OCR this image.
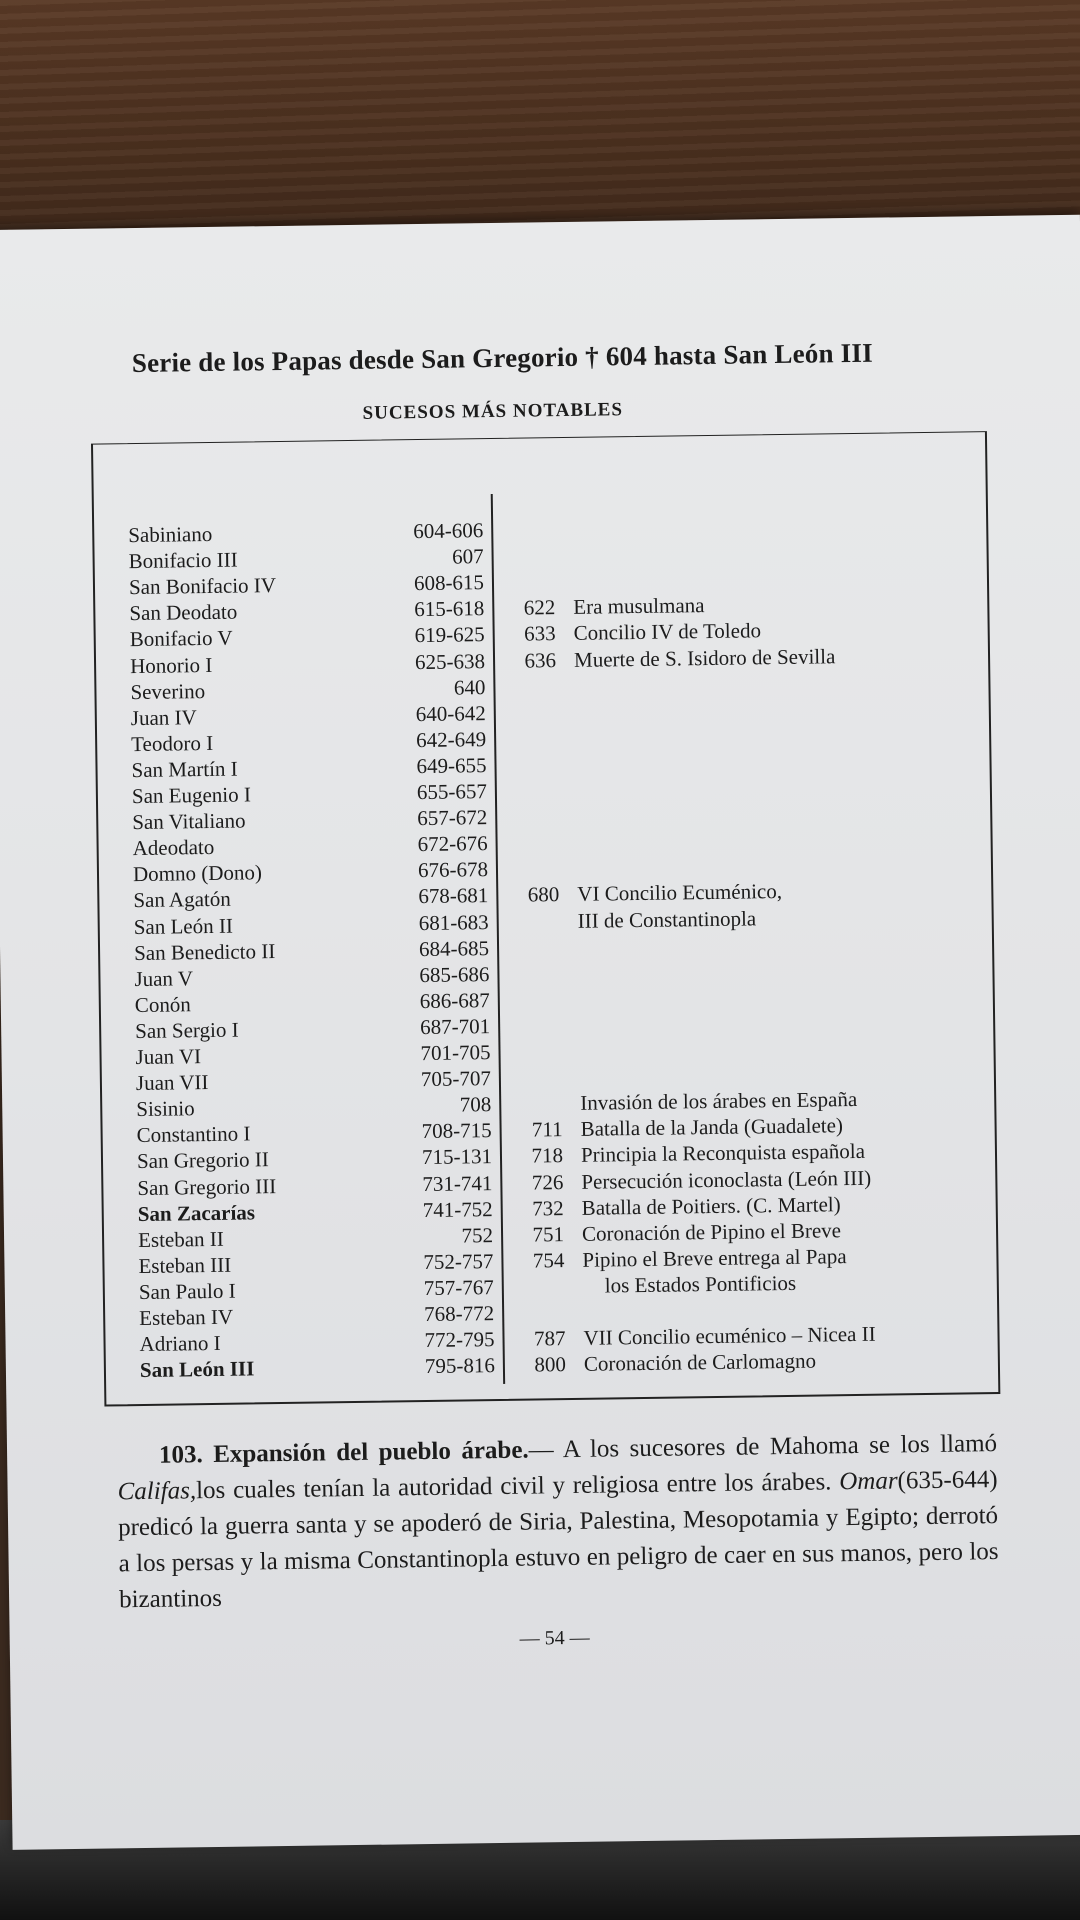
Serie de los Papas desde San Gregorio † 604 hasta San León III
SUCESOS MÁS NOTABLES
Sabiniano	604-606
Bonifacio III	607
San Bonifacio IV	608-615
San Deodato	615-618	622 Era musulmana
Bonifacio V	619-625	633 Concilio IV de Toledo
Honorio I	625-638	636 Muerte de S. Isidoro de Sevilla
Severino	640
Juan IV	640-642
Teodoro I	642-649
San Martín I	649-655
San Eugenio I	655-657
San Vitaliano	657-672
Adeodato	672-676
Domno (Dono)	676-678
San Agatón	678-681	680 VI Concilio Ecuménico,
San León II	681-683	III de Constantinopla
San Benedicto II	684-685
Juan V	685-686
Conón	686-687
San Sergio I	687-701
Juan VI	701-705
Juan VII	705-707
Sisinio	708	Invasión de los árabes en España
Constantino I	708-715	711 Batalla de la Janda (Guadalete)
San Gregorio II	715-131	718 Principia la Reconquista española
San Gregorio III	731-741	726 Persecución iconoclasta (León III)
San Zacarías	741-752	732 Batalla de Poitiers. (C. Martel)
Esteban II	752	751 Coronación de Pipino el Breve
Esteban III	752-757	754 Pipino el Breve entrega al Papa
San Paulo I	757-767	los Estados Pontificios
Esteban IV	768-772
Adriano I	772-795	787 VII Concilio ecuménico – Nicea II
San León III	795-816	800 Coronación de Carlomagno
103. Expansión del pueblo árabe.— A los sucesores de Mahoma se los llamó Califas,los cuales tenían la autoridad civil y religiosa entre los árabes. Omar(635-644) predicó la guerra santa y se apoderó de Siria, Palestina, Mesopotamia y Egipto; derrotó a los persas y la misma Constantinopla estuvo en peligro de caer en sus manos, pero los bizantinos
— 54 —
